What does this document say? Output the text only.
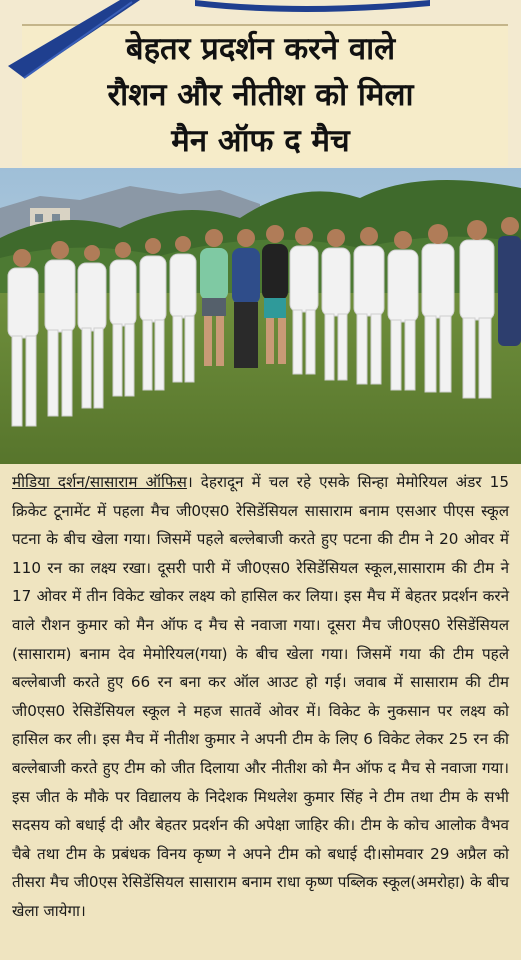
बेहतर प्रदर्शन करने वाले
रौशन और नीतीश को मिला
मैन ऑफ द मैच
मीडिया दर्शन/सासाराम ऑफिस। देहरादून में चल रहे एसके सिन्हा मेमोरियल अंडर 15 क्रिकेट टूनामेंट में पहला मैच जी0एस0 रेसिडेंसियल सासाराम बनाम एसआर पीएस स्कूल पटना के बीच खेला गया। जिसमें पहले बल्लेबाजी करते हुए पटना की टीम ने 20 ओवर में 110 रन का लक्ष्य रखा। दूसरी पारी में जी0एस0 रेसिडेंसियल स्कूल,सासाराम की टीम ने 17 ओवर में तीन विकेट खोकर लक्ष्य को हासिल कर लिया। इस मैच में बेहतर प्रदर्शन करने वाले रौशन कुमार को मैन ऑफ द मैच से नवाजा गया। दूसरा मैच जी0एस0 रेसिडेंसियल (सासाराम) बनाम देव मेमोरियल(गया) के बीच खेला गया। जिसमें गया की टीम पहले बल्लेबाजी करते हुए 66 रन बना कर ऑल आउट हो गई। जवाब में सासाराम की टीम जी0एस0 रेसिडेंसियल स्कूल ने महज सातवें ओवर में। विकेट के नुकसान पर लक्ष्य को हासिल कर ली। इस मैच में नीतीश कुमार ने अपनी टीम के लिए 6 विकेट लेकर 25 रन की बल्लेबाजी करते हुए टीम को जीत दिलाया और नीतीश को मैन ऑफ द मैच से नवाजा गया। इस जीत के मौके पर विद्यालय के निदेशक मिथलेश कुमार सिंह ने टीम तथा टीम के सभी सदसय को बधाई दी और बेहतर प्रदर्शन की अपेक्षा जाहिर की। टीम के कोच आलोक वैभव चैबे तथा टीम के प्रबंधक विनय कृष्ण ने अपने टीम को बधाई दी।सोमवार 29 अप्रैल को तीसरा मैच जी0एस रेसिडेंसियल सासाराम बनाम राधा कृष्ण पब्लिक स्कूल(अमरोहा) के बीच खेला जायेगा।
